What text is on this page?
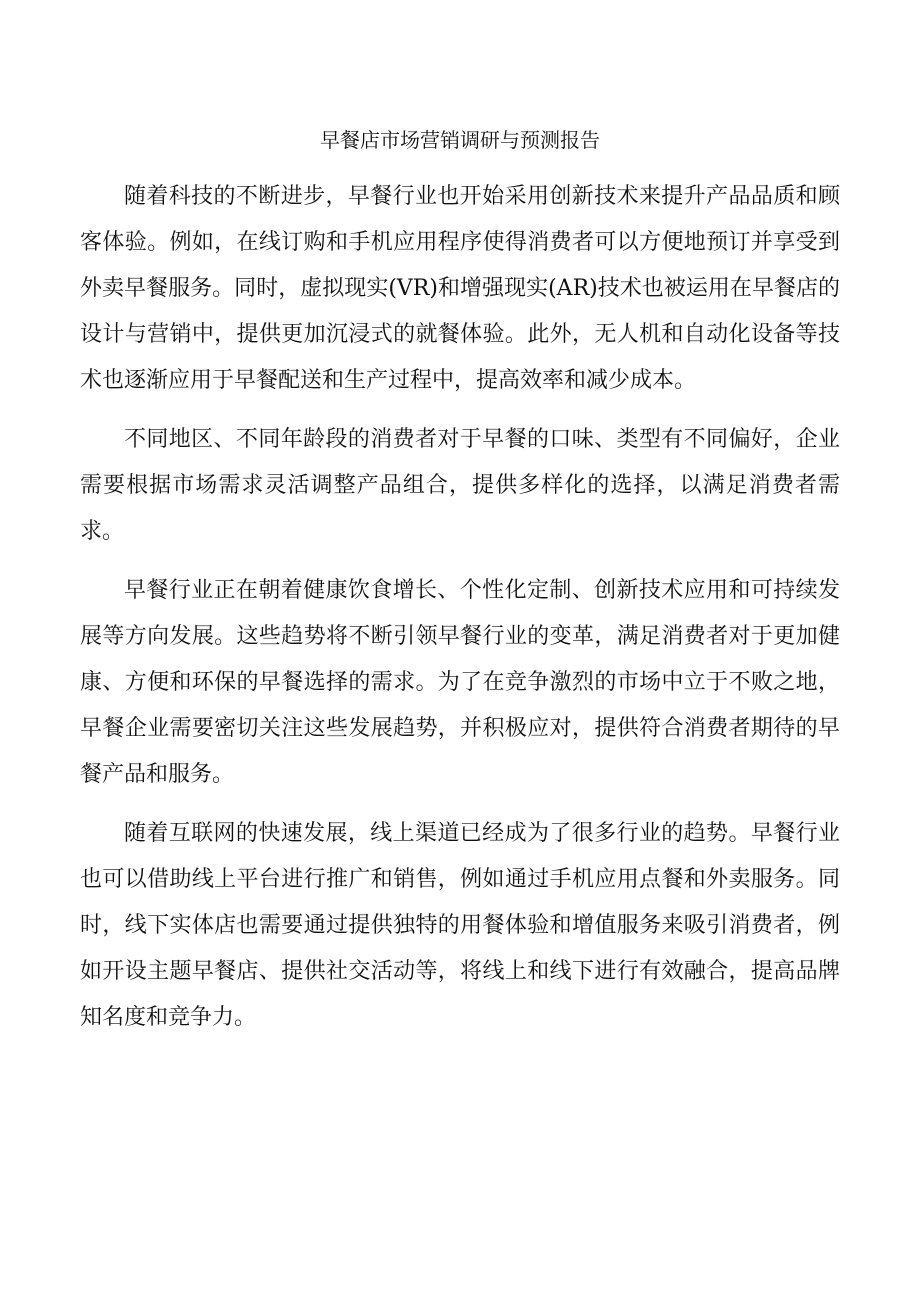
早餐店市场营销调研与预测报告

随着科技的不断进步，早餐行业也开始采用创新技术来提升产品品质和顾客体验。例如，在线订购和手机应用程序使得消费者可以方便地预订并享受到外卖早餐服务。同时，虚拟现实(VR)和增强现实(AR)技术也被运用在早餐店的设计与营销中，提供更加沉浸式的就餐体验。此外，无人机和自动化设备等技术也逐渐应用于早餐配送和生产过程中，提高效率和减少成本。

不同地区、不同年龄段的消费者对于早餐的口味、类型有不同偏好，企业需要根据市场需求灵活调整产品组合，提供多样化的选择，以满足消费者需求。

早餐行业正在朝着健康饮食增长、个性化定制、创新技术应用和可持续发展等方向发展。这些趋势将不断引领早餐行业的变革，满足消费者对于更加健康、方便和环保的早餐选择的需求。为了在竞争激烈的市场中立于不败之地，早餐企业需要密切关注这些发展趋势，并积极应对，提供符合消费者期待的早餐产品和服务。

随着互联网的快速发展，线上渠道已经成为了很多行业的趋势。早餐行业也可以借助线上平台进行推广和销售，例如通过手机应用点餐和外卖服务。同时，线下实体店也需要通过提供独特的用餐体验和增值服务来吸引消费者，例如开设主题早餐店、提供社交活动等，将线上和线下进行有效融合，提高品牌知名度和竞争力。
